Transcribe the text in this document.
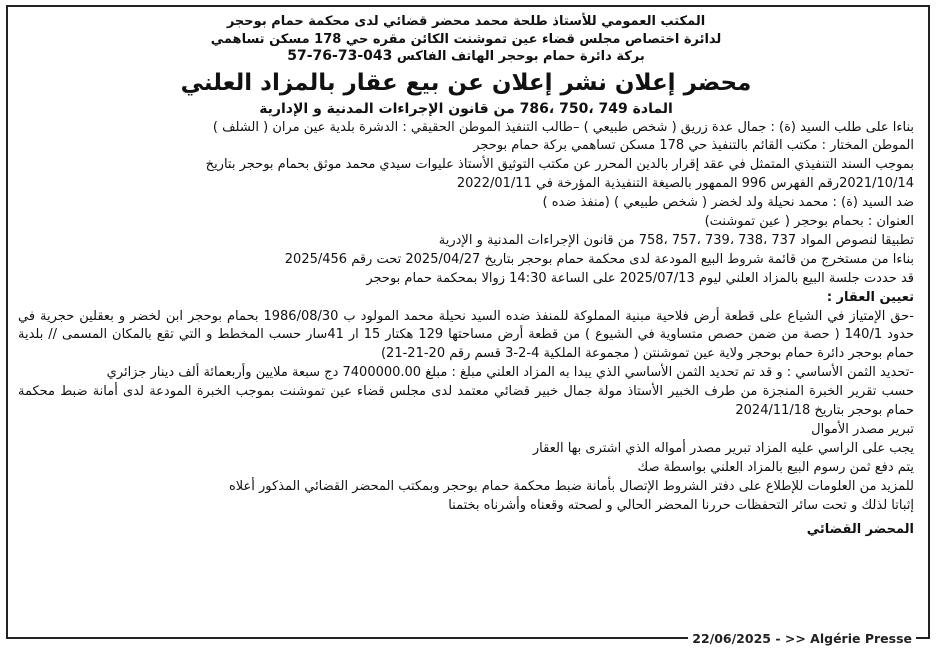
المكتب العمومي للأستاذ طلحة محمد محضر قضائي لدى محكمة حمام بوحجر
لدائرة اختصاص مجلس قضاء عين تموشنت الكائن مقره حي 178 مسكن تساهمي
بركة دائرة حمام بوحجر الهاتف الفاكس 043-73-76-57
محضر إعلان نشر إعلان عن بيع عقار بالمزاد العلني
المادة 749 ،750 ،786 من قانون الإجراءات المدنية و الإدارية
بناءا على طلب السيد (ة) : جمال عدة زريق ( شخص طبيعي ) –طالب التنفيذ الموطن الحقيقي : الدشرة بلدية عين مران ( الشلف )
الموطن المختار : مكتب القائم بالتنفيذ حي 178 مسكن تساهمي بركة حمام بوحجر
بموجب السند التنفيذي المتمثل في عقد إقرار بالدين المحرر عن مكتب التوثيق الأستاذ عليوات سيدي محمد موثق بحمام بوحجر بتاريخ
2021/10/14رقم الفهرس 996 الممهور بالصيغة التنفيذية المؤرخة في 2022/01/11
ضد السيد (ة) : محمد نحيلة ولد لخضر ( شخص طبيعي ) (منفذ ضده )
العنوان : بحمام بوحجر ( عين تموشنت)
تطبيقا لنصوص المواد 737 ،738 ،739 ،757 ،758 من قانون الإجراءات المدنية و الإدرية
بناءا من مستخرج من قائمة شروط البيع المودعة لدى محكمة حمام بوحجر بتاريخ 2025/04/27 تحت رقم 2025/456
قد حددت جلسة البيع بالمزاد العلني ليوم 2025/07/13 على الساعة 14:30 زوالا بمحكمة حمام بوحجر
تعيين العقار :
-حق الإمتياز في الشياع على قطعة أرض فلاحية مبنية المملوكة للمنفذ ضده السيد نحيلة محمد المولود ب 1986/08/30 بحمام بوحجر ابن لخضر و بعقلين حجرية في حدود 140/1 ( حصة من ضمن حصص متساوية في الشيوع ) من قطعة أرض مساحتها 129 هكتار 15 ار 41سار حسب المخطط و التي تقع بالمكان المسمى // بلدية حمام بوحجر دائرة حمام بوحجر ولاية عين تموشنتن ( مجموعة الملكية 4-2-3 قسم رقم 20-21-21)
-تحديد الثمن الأساسي : و قد تم تحديد الثمن الأساسي الذي يبدا به المزاد العلني مبلغ : مبلغ 7400000.00 دج سبعة ملايين وأربعمائة ألف دينار جزائري
حسب تقرير الخبرة المنجزة من طرف الخبير الأستاذ مولة جمال خبير قضائي معتمد لدى مجلس قضاء عين تموشنت بموجب الخبرة المودعة لدى أمانة ضبط محكمة حمام بوحجر بتاريخ 2024/11/18
تبرير مصدر الأموال
يجب على الراسي عليه المزاد تبرير مصدر أمواله الذي اشترى بها العقار
يتم دفع ثمن رسوم البيع بالمزاد العلني بواسطة صك
للمزيد من العلومات للإطلاع على دفتر الشروط الإتصال بأمانة ضبط محكمة حمام بوحجر وبمكتب المحضر القضائي المذكور أعلاه
إثباتا لذلك و تحت سائر التحفظات حررنا المحضر الحالي و لصحته وقعناه وأشرناه بختمنا
المحضر القضائي
22/06/2025 - >> Algérie Presse
